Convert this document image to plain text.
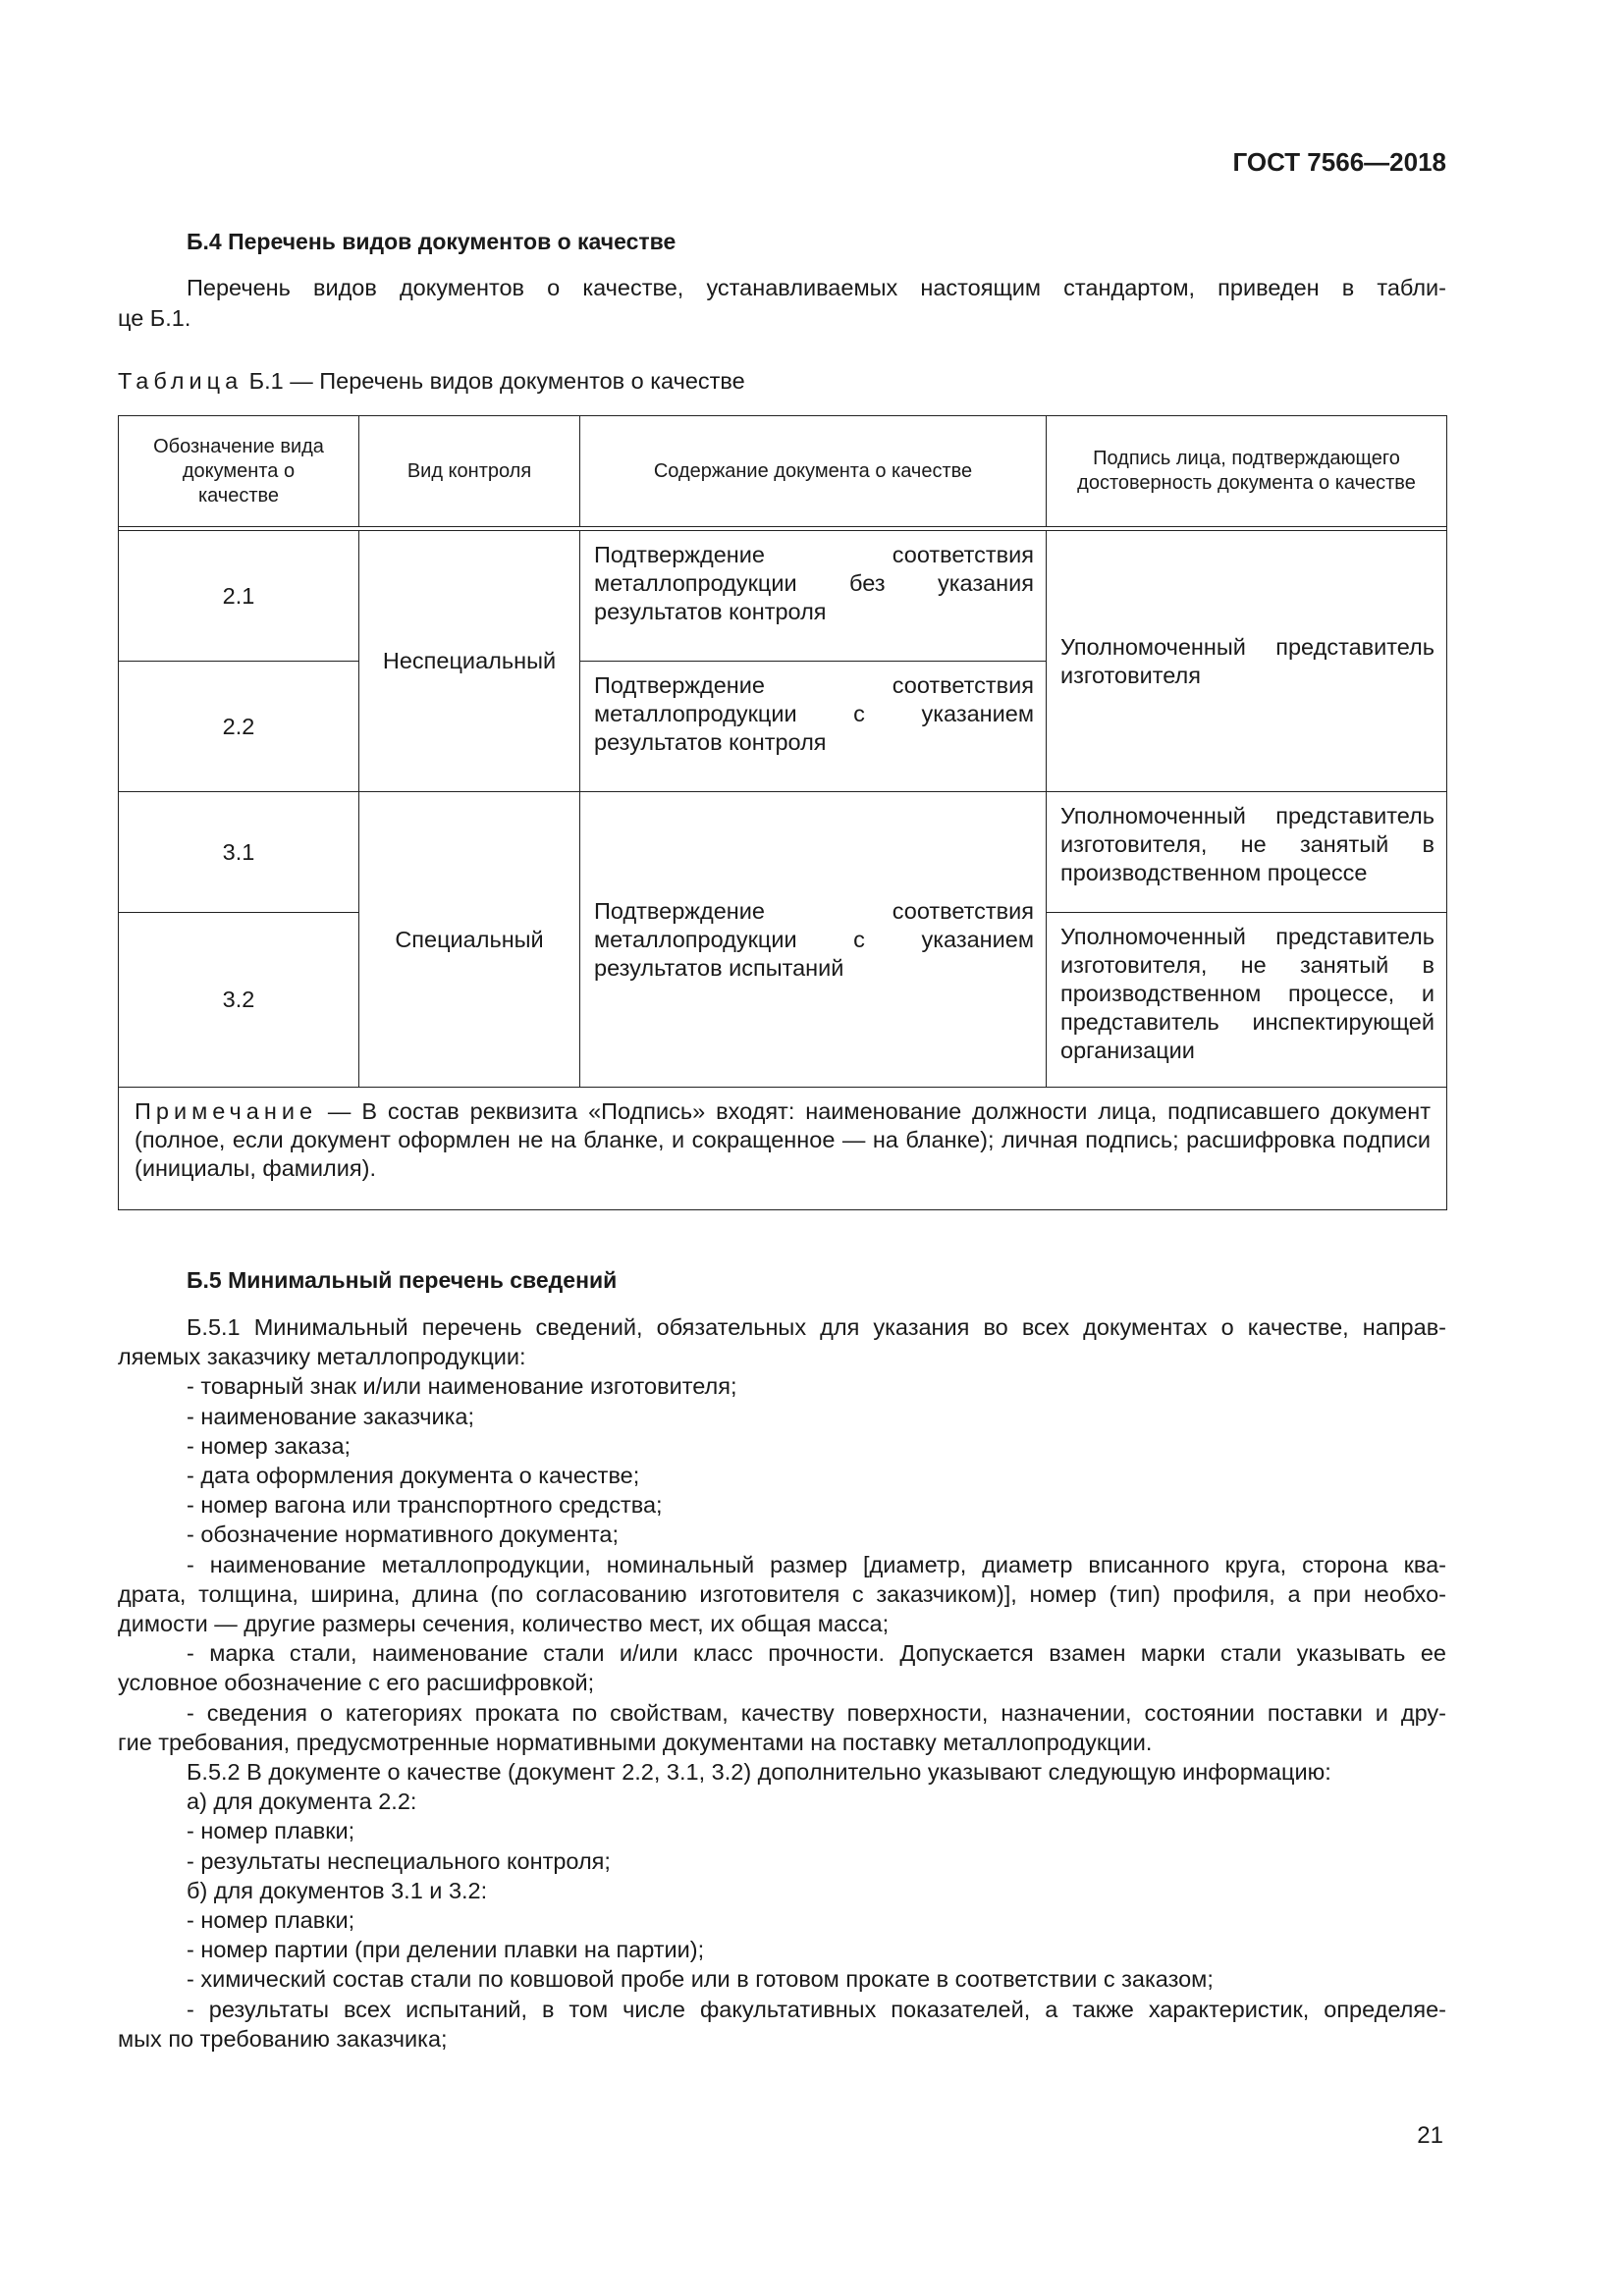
ГОСТ 7566—2018
Б.4 Перечень видов документов о качестве
Перечень видов документов о качестве, устанавливаемых настоящим стандартом, приведен в табли-
це Б.1.
Таблица Б.1 — Перечень видов документов о качестве
Обозначение вида документа о качестве	Вид контроля	Содержание документа о качестве	Подпись лица, подтверждающего достоверность документа о качестве

2.1	Неспециальный	Подтверждение соответствия металлопродукции без указания результатов контроля	Уполномоченный представитель изготовителя
2.2		Подтверждение соответствия металлопродукции с указанием результатов контроля	
3.1	Специальный	Подтверждение соответствия металлопродукции с указанием результатов испытаний	Уполномоченный представитель изготовителя, не занятый в производственном процессе
3.2			Уполномоченный представитель изготовителя, не занятый в производственном процессе, и представитель инспектирующей организации
Примечание — В состав реквизита «Подпись» входят: наименование должности лица, подписавшего документ (полное, если документ оформлен не на бланке, и сокращенное — на бланке); личная подпись; расшифровка подписи (инициалы, фамилия).			
Б.5 Минимальный перечень сведений
Б.5.1 Минимальный перечень сведений, обязательных для указания во всех документах о качестве, направ-
ляемых заказчику металлопродукции:
- товарный знак и/или наименование изготовителя;
- наименование заказчика;
- номер заказа;
- дата оформления документа о качестве;
- номер вагона или транспортного средства;
- обозначение нормативного документа;
- наименование металлопродукции, номинальный размер [диаметр, диаметр вписанного круга, сторона ква-
драта, толщина, ширина, длина (по согласованию изготовителя с заказчиком)], номер (тип) профиля, а при необхо-
димости — другие размеры сечения, количество мест, их общая масса;
- марка стали, наименование стали и/или класс прочности. Допускается взамен марки стали указывать ее
условное обозначение с его расшифровкой;
- сведения о категориях проката по свойствам, качеству поверхности, назначении, состоянии поставки и дру-
гие требования, предусмотренные нормативными документами на поставку металлопродукции.
Б.5.2 В документе о качестве (документ 2.2, 3.1, 3.2) дополнительно указывают следующую информацию:
а) для документа 2.2:
- номер плавки;
- результаты неспециального контроля;
б) для документов 3.1 и 3.2:
- номер плавки;
- номер партии (при делении плавки на партии);
- химический состав стали по ковшовой пробе или в готовом прокате в соответствии с заказом;
- результаты всех испытаний, в том числе факультативных показателей, а также характеристик, определяе-
мых по требованию заказчика;
21
